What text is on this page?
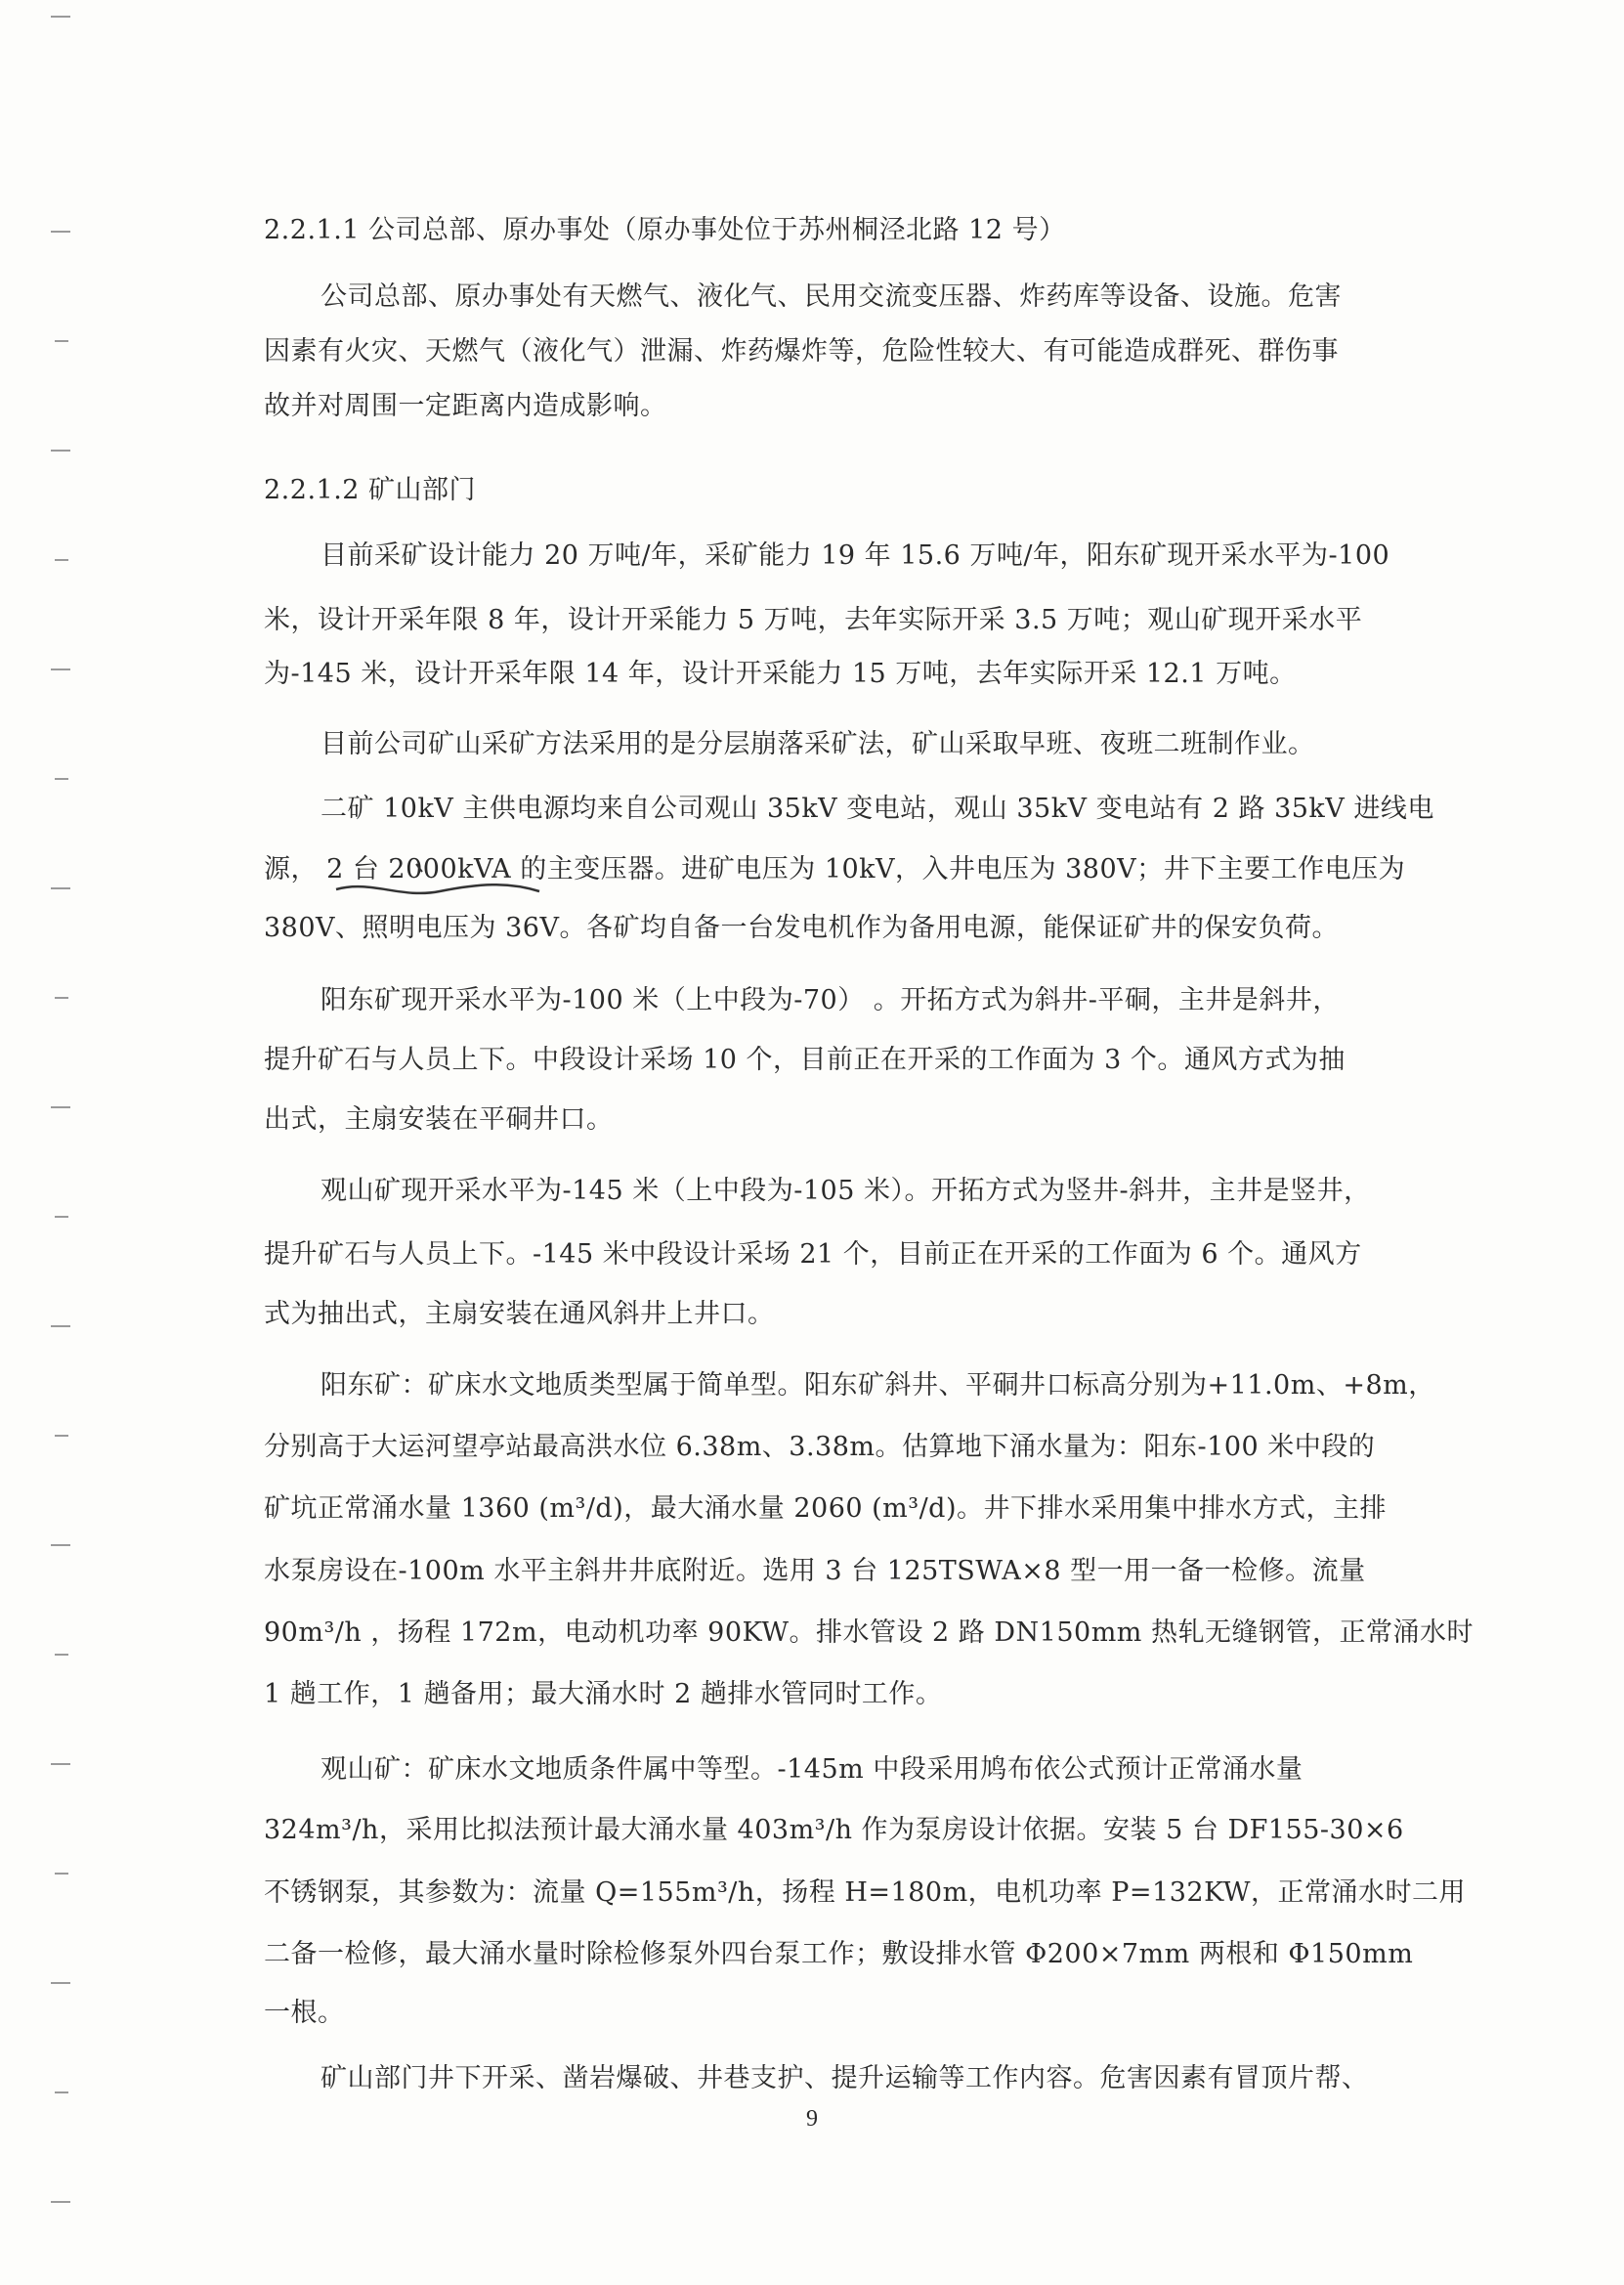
2.2.1.1 公司总部、原办事处（原办事处位于苏州桐泾北路 12 号）
公司总部、原办事处有天燃气、液化气、民用交流变压器、炸药库等设备、设施。危害
因素有火灾、天燃气（液化气）泄漏、炸药爆炸等，危险性较大、有可能造成群死、群伤事
故并对周围一定距离内造成影响。
2.2.1.2 矿山部门
目前采矿设计能力 20 万吨/年，采矿能力 19 年 15.6 万吨/年，阳东矿现开采水平为-100
米，设计开采年限 8 年，设计开采能力 5 万吨，去年实际开采 3.5 万吨；观山矿现开采水平
为-145 米，设计开采年限 14 年，设计开采能力 15 万吨，去年实际开采 12.1 万吨。
目前公司矿山采矿方法采用的是分层崩落采矿法，矿山采取早班、夜班二班制作业。
二矿 10kV 主供电源均来自公司观山 35kV 变电站，观山 35kV 变电站有 2 路 35kV 进线电
源， 2 台 2000kVA 的主变压器。进矿电压为 10kV，入井电压为 380V；井下主要工作电压为
380V、照明电压为 36V。各矿均自备一台发电机作为备用电源，能保证矿井的保安负荷。
阳东矿现开采水平为-100 米（上中段为-70） 。开拓方式为斜井-平硐，主井是斜井，
提升矿石与人员上下。中段设计采场 10 个，目前正在开采的工作面为 3 个。通风方式为抽
出式，主扇安装在平硐井口。
观山矿现开采水平为-145 米（上中段为-105 米）。开拓方式为竖井-斜井，主井是竖井，
提升矿石与人员上下。-145 米中段设计采场 21 个，目前正在开采的工作面为 6 个。通风方
式为抽出式，主扇安装在通风斜井上井口。
阳东矿：矿床水文地质类型属于简单型。阳东矿斜井、平硐井口标高分别为+11.0m、+8m，
分别高于大运河望亭站最高洪水位 6.38m、3.38m。估算地下涌水量为：阳东-100 米中段的
矿坑正常涌水量 1360 (m³/d)，最大涌水量 2060 (m³/d)。井下排水采用集中排水方式，主排
水泵房设在-100m 水平主斜井井底附近。选用 3 台 125TSWA×8 型一用一备一检修。流量
90m³/h ，扬程 172m，电动机功率 90KW。排水管设 2 路 DN150mm 热轧无缝钢管，正常涌水时
1 趟工作，1 趟备用；最大涌水时 2 趟排水管同时工作。
观山矿：矿床水文地质条件属中等型。-145m 中段采用鸠布依公式预计正常涌水量
324m³/h，采用比拟法预计最大涌水量 403m³/h 作为泵房设计依据。安装 5 台 DF155-30×6
不锈钢泵，其参数为：流量 Q=155m³/h，扬程 H=180m，电机功率 P=132KW，正常涌水时二用
二备一检修，最大涌水量时除检修泵外四台泵工作；敷设排水管 Φ200×7mm 两根和 Φ150mm
一根。
矿山部门井下开采、凿岩爆破、井巷支护、提升运输等工作内容。危害因素有冒顶片帮、
9
